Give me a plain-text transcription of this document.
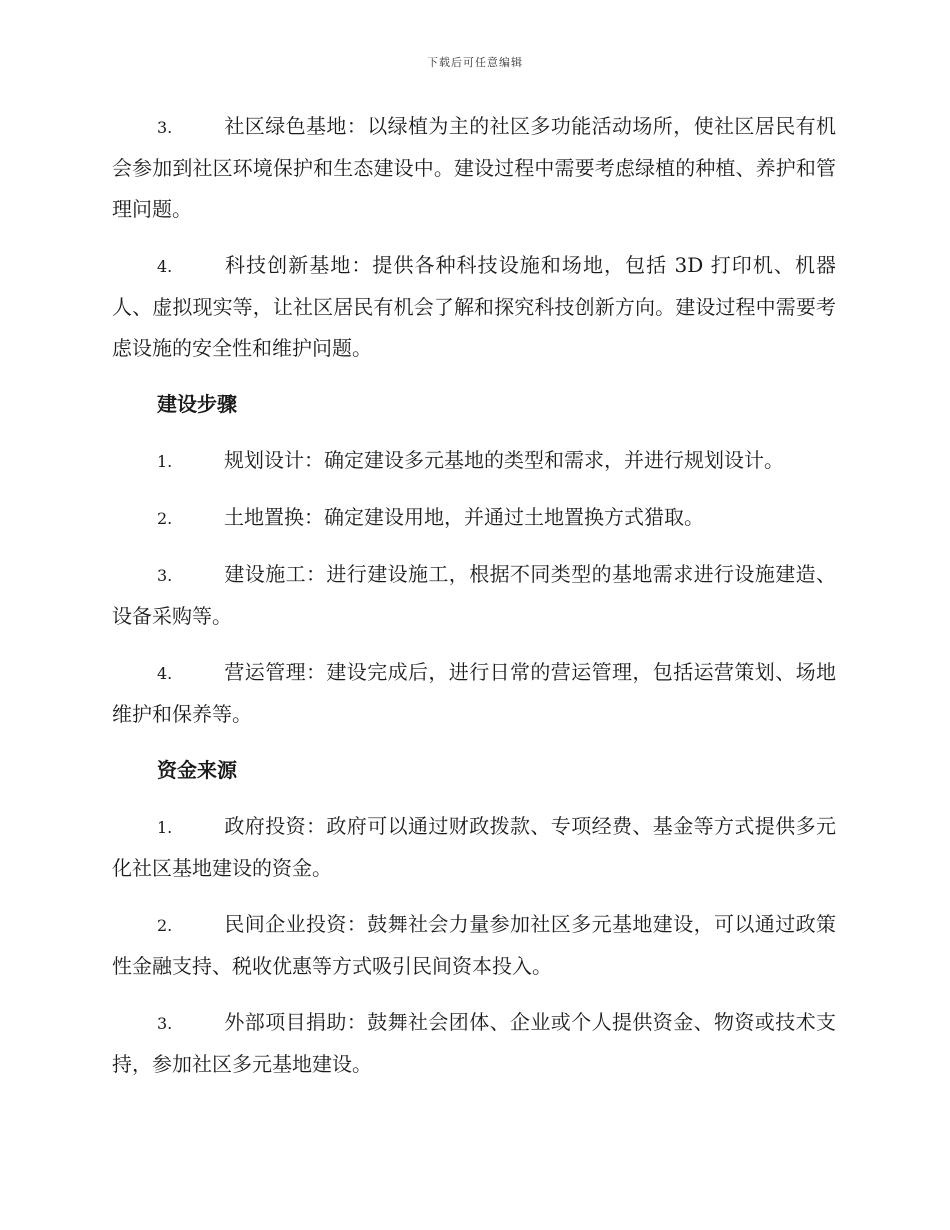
下载后可任意编辑

3.	社区绿色基地：以绿植为主的社区多功能活动场所，使社区居民有机会参加到社区环境保护和生态建设中。建设过程中需要考虑绿植的种植、养护和管理问题。

4.	科技创新基地：提供各种科技设施和场地，包括 3D 打印机、机器人、虚拟现实等，让社区居民有机会了解和探究科技创新方向。建设过程中需要考虑设施的安全性和维护问题。

建设步骤

1.	规划设计：确定建设多元基地的类型和需求，并进行规划设计。

2.	土地置换：确定建设用地，并通过土地置换方式猎取。

3.	建设施工：进行建设施工，根据不同类型的基地需求进行设施建造、设备采购等。

4.	营运管理：建设完成后，进行日常的营运管理，包括运营策划、场地维护和保养等。

资金来源

1.	政府投资：政府可以通过财政拨款、专项经费、基金等方式提供多元化社区基地建设的资金。

2.	民间企业投资：鼓舞社会力量参加社区多元基地建设，可以通过政策性金融支持、税收优惠等方式吸引民间资本投入。

3.	外部项目捐助：鼓舞社会团体、企业或个人提供资金、物资或技术支持，参加社区多元基地建设。
